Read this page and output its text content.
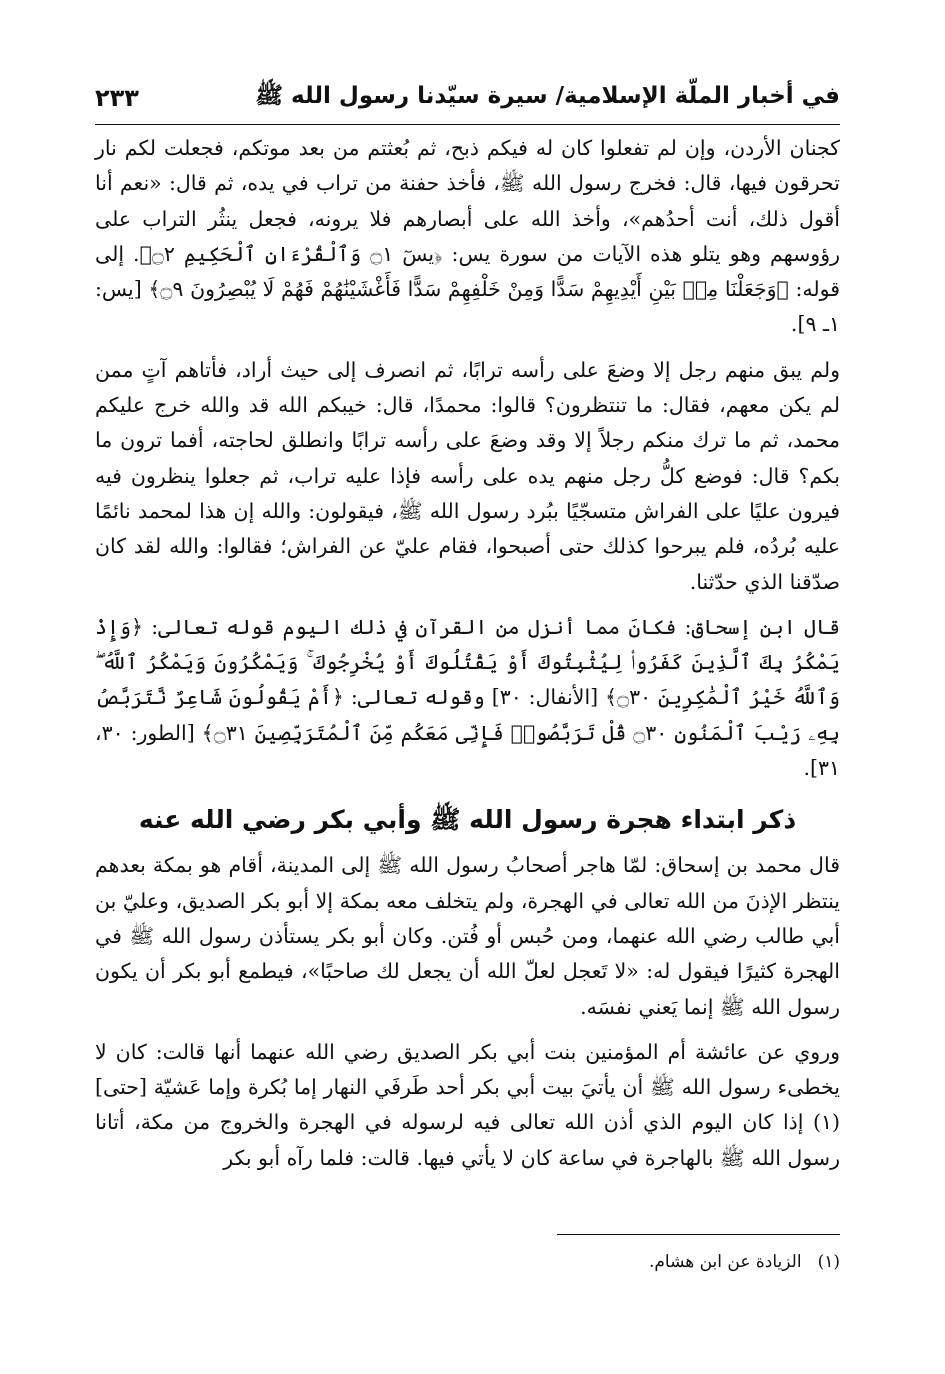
في أخبار الملّة الإسلامية/ سيرة سيّدنا رسول الله ﷺ
٢٣٣

كجنان الأردن، وإن لم تفعلوا كان له فيكم ذبح، ثم بُعثتم من بعد موتكم، فجعلت لكم نار تحرقون فيها، قال: فخرج رسول الله ﷺ، فأخذ حفنة من تراب في يده، ثم قال: «نعم أنا أقول ذلك، أنت أحدُهم»، وأخذ الله على أبصارهم فلا يرونه، فجعل ينثُر التراب على رؤوسهم وهو يتلو هذه الآيات من سورة يس: ﴿يسٓ ۝١ وَٱلْقُرْءَانِ ٱلْحَكِيمِ ۝٢﴾. إلى قوله: ﴿وَجَعَلْنَا مِنۢ بَيْنِ أَيْدِيهِمْ سَدًّا وَمِنْ خَلْفِهِمْ سَدًّا فَأَغْشَيْنَٰهُمْ فَهُمْ لَا يُبْصِرُونَ ۝٩﴾ [يس: ١ـ ٩].

ولم يبق منهم رجل إلا وضعَ على رأسه ترابًا، ثم انصرف إلى حيث أراد، فأتاهم آتٍ ممن لم يكن معهم، فقال: ما تنتظرون؟ قالوا: محمدًا، قال: خيبكم الله قد والله خرج عليكم محمد، ثم ما ترك منكم رجلاً إلا وقد وضعَ على رأسه ترابًا وانطلق لحاجته، أفما ترون ما بكم؟ قال: فوضع كلُّ رجل منهم يده على رأسه فإذا عليه تراب، ثم جعلوا ينظرون فيه فيرون عليًا على الفراش متسجّيًا ببُرد رسول الله ﷺ، فيقولون: والله إن هذا لمحمد نائمًا عليه بُردُه، فلم يبرحوا كذلك حتى أصبحوا، فقام عليّ عن الفراش؛ فقالوا: والله لقد كان صدّقنا الذي حدّثنا.

قال ابن إسحاق: فكانَ مما أنزل من القرآن في ذلك اليوم قوله تعالى: ﴿وَإِذْ يَمْكُرُ بِكَ ٱلَّذِينَ كَفَرُوا۟ لِيُثْبِتُوكَ أَوْ يَقْتُلُوكَ أَوْ يُخْرِجُوكَ ۚ وَيَمْكُرُونَ وَيَمْكُرُ ٱللَّهُ ۖ وَٱللَّهُ خَيْرُ ٱلْمَٰكِرِينَ ۝٣٠﴾ [الأنفال: ٣٠] وقوله تعالى: ﴿أَمْ يَقُولُونَ شَاعِرٌ نَّتَرَبَّصُ بِهِۦ رَيْبَ ٱلْمَنُونِ ۝٣٠ قُلْ تَرَبَّصُوا۟ فَإِنِّى مَعَكُم مِّنَ ٱلْمُتَرَبِّصِينَ ۝٣١﴾ [الطور: ٣٠، ٣١].

ذكر ابتداء هجرة رسول الله ﷺ وأبي بكر رضي الله عنه

قال محمد بن إسحاق: لمّا هاجر أصحابُ رسول الله ﷺ إلى المدينة، أقام هو بمكة بعدهم ينتظر الإذنَ من الله تعالى في الهجرة، ولم يتخلف معه بمكة إلا أبو بكر الصديق، وعليّ بن أبي طالب رضي الله عنهما، ومن حُبس أو فُتن. وكان أبو بكر يستأذن رسول الله ﷺ في الهجرة كثيرًا فيقول له: «لا تَعجل لعلّ الله أن يجعل لك صاحبًا»، فيطمع أبو بكر أن يكون رسول الله ﷺ إنما يَعني نفسَه.

وروي عن عائشة أم المؤمنين بنت أبي بكر الصديق رضي الله عنهما أنها قالت: كان لا يخطىء رسول الله ﷺ أن يأتيَ بيت أبي بكر أحد طَرفَي النهار إما بُكرة وإما عَشيّة [حتى](١) إذا كان اليوم الذي أذن الله تعالى فيه لرسوله في الهجرة والخروج من مكة، أتانا رسول الله ﷺ بالهاجرة في ساعة كان لا يأتي فيها. قالت: فلما رآه أبو بكر

(١)الزيادة عن ابن هشام.
